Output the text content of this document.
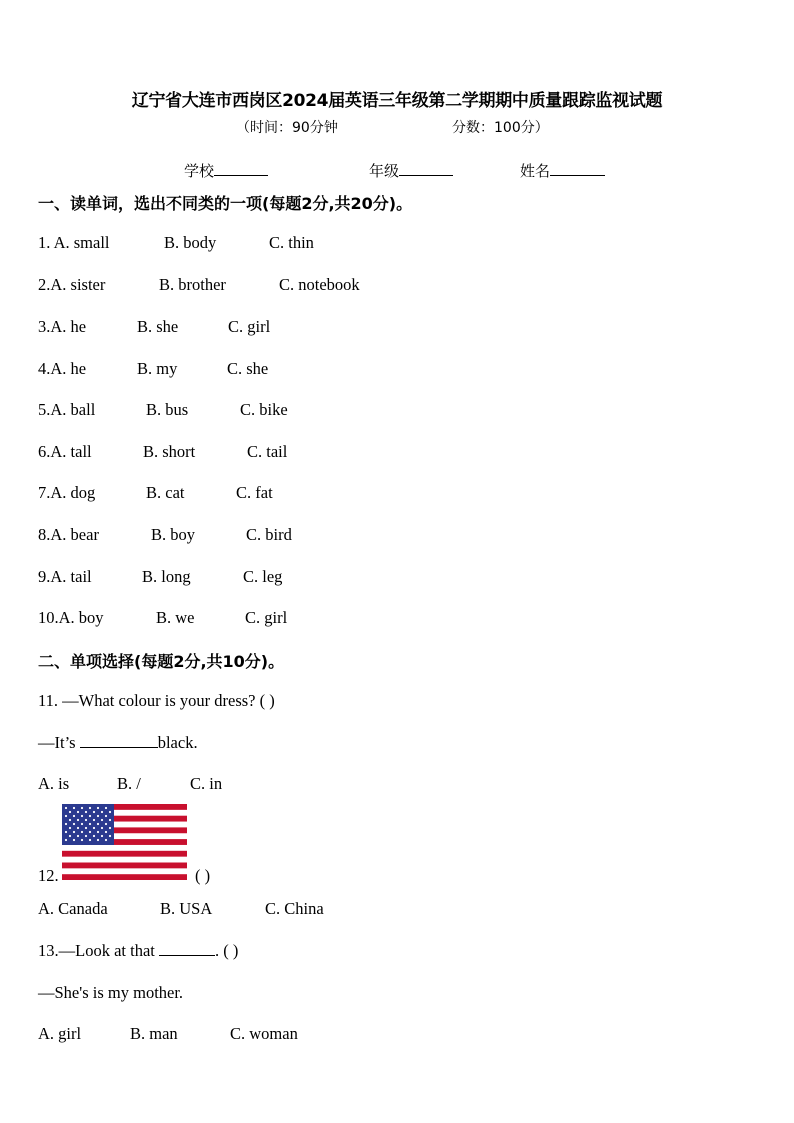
辽宁省大连市西岗区2024届英语三年级第二学期期中质量跟踪监视试题
（时间：90分钟	分数：100分）
学校	年级	姓名
一、读单词，选出不同类的一项(每题2分,共20分)。
1. A. small	B. body	C. thin
2.A. sister	B. brother	C. notebook
3.A. he	B. she	C. girl
4.A. he	B. my	C. she
5.A. ball	B. bus	C. bike
6.A. tall	B. short	C. tail
7.A. dog	B. cat	C. fat
8.A. bear	B. boy	C. bird
9.A. tail	B. long	C. leg
10.A. boy	B. we	C. girl
二、单项选择(每题2分,共10分)。
11. —What colour is your dress? ( )
—It’s	black.
A. is	B. /	C. in
12.	( )
A. Canada	B. USA	C. China
13.—Look at that	. ( )
—She's is my mother.
A. girl	B. man	C. woman
